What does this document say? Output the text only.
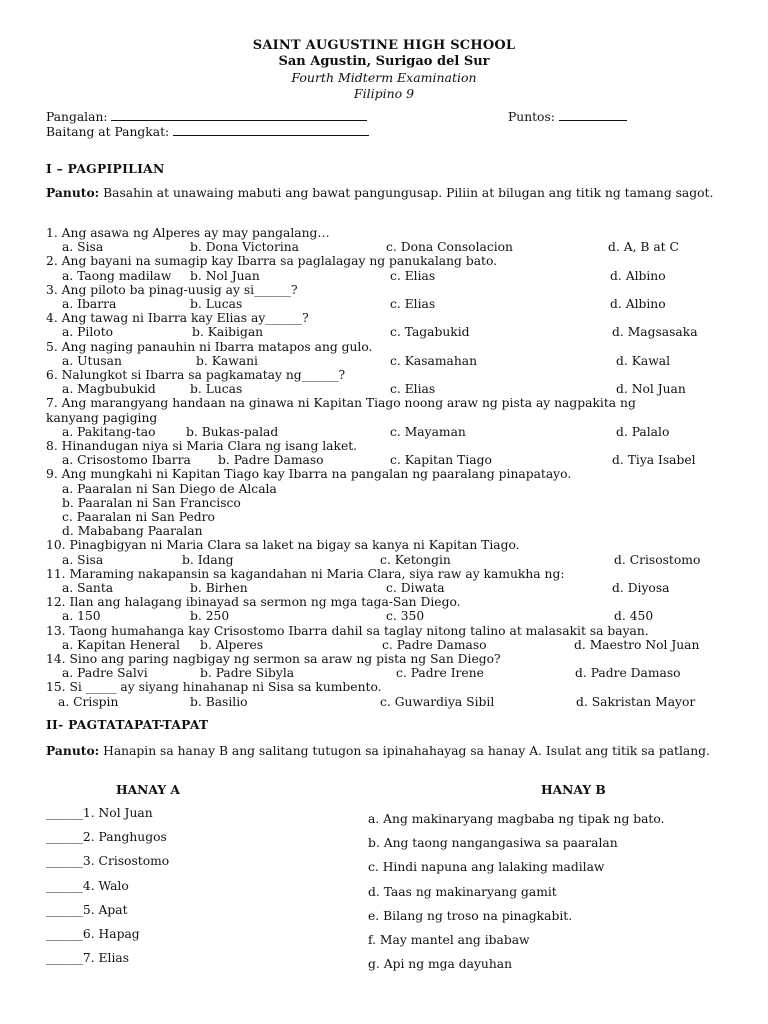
SAINT AUGUSTINE HIGH SCHOOL
San Agustin, Surigao del Sur
Fourth Midterm Examination
Filipino 9
Pangalan:	Puntos:
Baitang at Pangkat:
I – PAGPIPILIAN
Panuto: Basahin at unawaing mabuti ang bawat pangungusap. Piliin at bilugan ang titik ng tamang sagot.
1. Ang asawa ng Alperes ay may pangalang…
a. Sisa	b. Dona Victorina	c. Dona Consolacion	d. A, B at C
2. Ang bayani na sumagip kay Ibarra sa paglalagay ng panukalang bato.
a. Taong madilaw b. Nol Juan	c. Elias	d. Albino
3. Ang piloto ba pinag-uusig ay si______?
a. Ibarra	b. Lucas	c. Elias	d. Albino
4. Ang tawag ni Ibarra kay Elias ay______?
a. Piloto	b. Kaibigan	c. Tagabukid	d. Magsasaka
5. Ang naging panauhin ni Ibarra matapos ang gulo.
a. Utusan	b. Kawani	c. Kasamahan	d. Kawal
6. Nalungkot si Ibarra sa pagkamatay ng______?
a. Magbubukid	b. Lucas	c. Elias	d. Nol Juan
7. Ang marangyang handaan na ginawa ni Kapitan Tiago noong araw ng pista ay nagpakita ng
kanyang pagiging
a. Pakitang-tao b. Bukas-palad	c. Mayaman	d. Palalo
8. Hinandugan niya si Maria Clara ng isang laket.
a. Crisostomo Ibarra b. Padre Damaso	c. Kapitan Tiago	d. Tiya Isabel
9. Ang mungkahi ni Kapitan Tiago kay Ibarra na pangalan ng paaralang pinapatayo.
a. Paaralan ni San Diego de Alcala
b. Paaralan ni San Francisco
c. Paaralan ni San Pedro
d. Mababang Paaralan
10. Pinagbigyan ni Maria Clara sa laket na bigay sa kanya ni Kapitan Tiago.
a. Sisa	b. Idang	c. Ketongin	d. Crisostomo
11. Maraming nakapansin sa kagandahan ni Maria Clara, siya raw ay kamukha ng:
a. Santa	b. Birhen	c. Diwata	d. Diyosa
12. Ilan ang halagang ibinayad sa sermon ng mga taga-San Diego.
a. 150	b. 250	c. 350	d. 450
13. Taong humahanga kay Crisostomo Ibarra dahil sa taglay nitong talino at malasakit sa bayan.
a. Kapitan Heneral b. Alperes	c. Padre Damaso	d. Maestro Nol Juan
14. Sino ang paring nagbigay ng sermon sa araw ng pista ng San Diego?
a. Padre Salvi	b. Padre Sibyla	c. Padre Irene	d. Padre Damaso
15. Si _____ ay siyang hinahanap ni Sisa sa kumbento.
a. Crispin	b. Basilio	c. Guwardiya Sibil	d. Sakristan Mayor
II- PAGTATAPAT-TAPAT
Panuto: Hanapin sa hanay B ang salitang tutugon sa ipinahahayag sa hanay A. Isulat ang titik sa patlang.
HANAY A	HANAY B
______1. Nol Juan
______2. Panghugos
______3. Crisostomo
______4. Walo
______5. Apat
______6. Hapag
______7. Elias
a. Ang makinaryang magbaba ng tipak ng bato.
b. Ang taong nangangasiwa sa paaralan
c. Hindi napuna ang lalaking madilaw
d. Taas ng makinaryang gamit
e. Bilang ng troso na pinagkabit.
f. May mantel ang ibabaw
g. Api ng mga dayuhan
